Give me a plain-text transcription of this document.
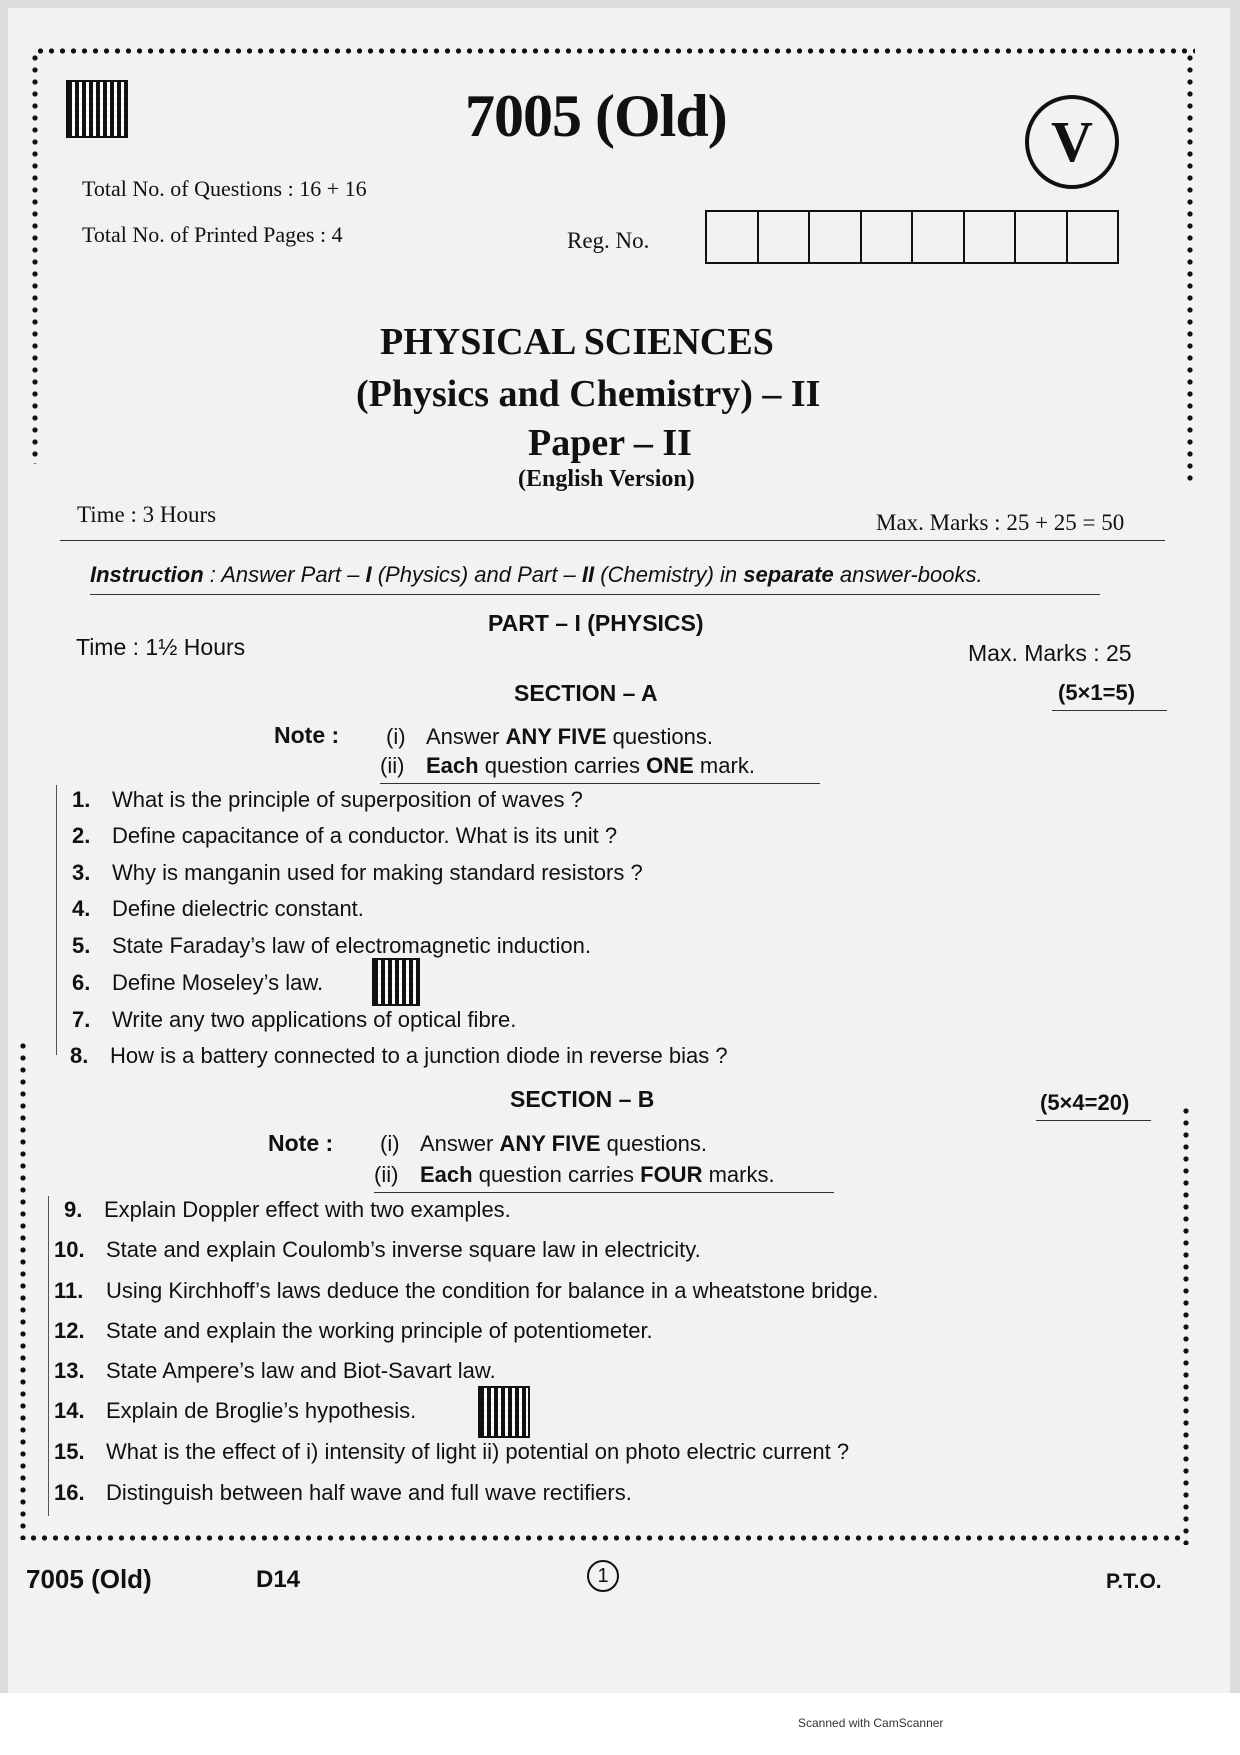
7005 (Old)	V
Total No. of Questions : 16 + 16
Total No. of Printed Pages : 4	Reg. No.
PHYSICAL SCIENCES
(Physics and Chemistry) – II
Paper – II
(English Version)
Time : 3 Hours	Max. Marks : 25 + 25 = 50
Instruction : Answer Part – I (Physics) and Part – II (Chemistry) in separate answer-books.
PART – I (PHYSICS)
Time : 1½ Hours	Max. Marks : 25
SECTION – A	(5×1=5)
Note : (i) Answer ANY FIVE questions.
(ii) Each question carries ONE mark.
1. What is the principle of superposition of waves ?
2. Define capacitance of a conductor. What is its unit ?
3. Why is manganin used for making standard resistors ?
4. Define dielectric constant.
5. State Faraday’s law of electromagnetic induction.
6. Define Moseley’s law.
7. Write any two applications of optical fibre.
8. How is a battery connected to a junction diode in reverse bias ?
SECTION – B	(5×4=20)
Note : (i) Answer ANY FIVE questions.
(ii) Each question carries FOUR marks.
9. Explain Doppler effect with two examples.
10. State and explain Coulomb’s inverse square law in electricity.
11. Using Kirchhoff’s laws deduce the condition for balance in a wheatstone bridge.
12. State and explain the working principle of potentiometer.
13. State Ampere’s law and Biot-Savart law.
14. Explain de Broglie’s hypothesis.
15. What is the effect of i) intensity of light ii) potential on photo electric current ?
16. Distinguish between half wave and full wave rectifiers.
7005 (Old)	D14	1	P.T.O.
Scanned with CamScanner
